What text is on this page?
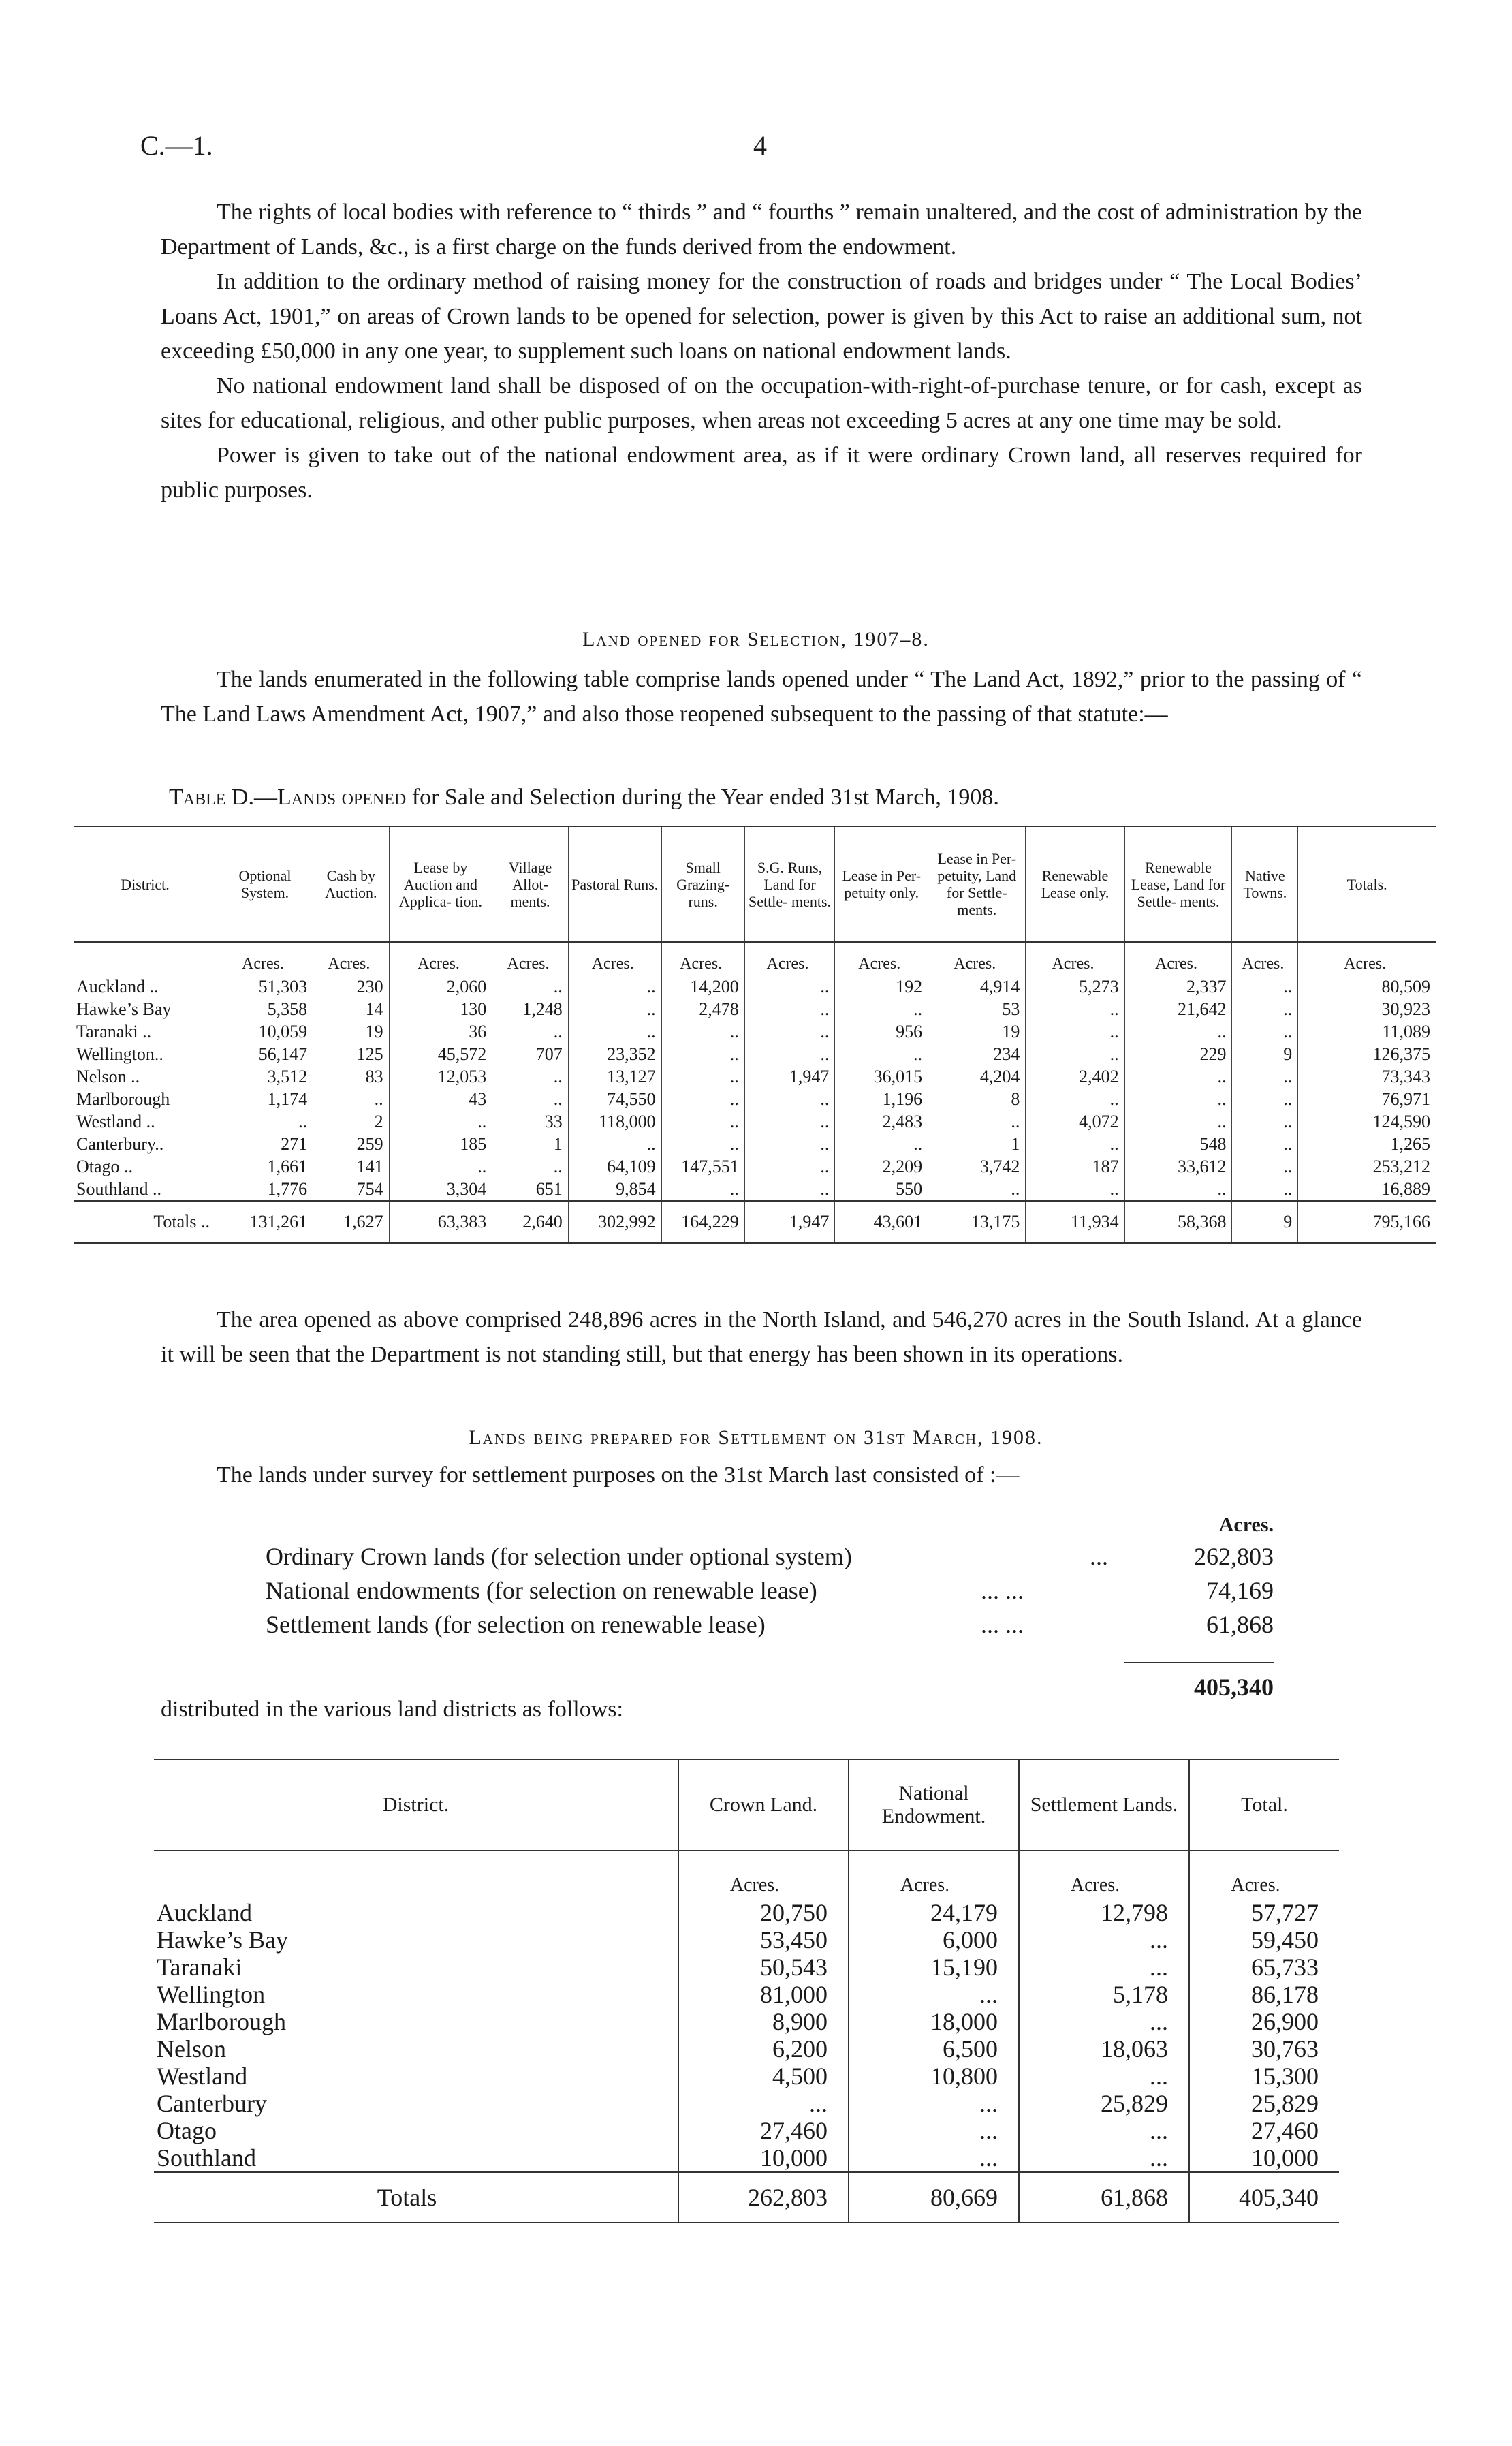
C.—1.	4

The rights of local bodies with reference to “ thirds ” and “ fourths ” remain unaltered, and the cost of administration by the Department of Lands, &c., is a first charge on the funds derived from the endowment.

In addition to the ordinary method of raising money for the construction of roads and bridges under “ The Local Bodies’ Loans Act, 1901,” on areas of Crown lands to be opened for selection, power is given by this Act to raise an additional sum, not exceeding £50,000 in any one year, to supplement such loans on national endowment lands.

No national endowment land shall be disposed of on the occupation-with-right-of-purchase tenure, or for cash, except as sites for educational, religious, and other public purposes, when areas not exceeding 5 acres at any one time may be sold.

Power is given to take out of the national endowment area, as if it were ordinary Crown land, all reserves required for public purposes.

Land opened for Selection, 1907–8.

The lands enumerated in the following table comprise lands opened under “ The Land Act, 1892,” prior to the passing of “ The Land Laws Amendment Act, 1907,” and also those reopened subsequent to the passing of that statute:—

Table D.—Lands opened for Sale and Selection during the Year ended 31st March, 1908.
District.	Optional System.	Cash by Auction.	Lease by Auction and Applica- tion.	Village Allot- ments.	Pastoral Runs.	Small Grazing- runs.	S.G. Runs, Land for Settle- ments.	Lease in Per- petuity only.	Lease in Per- petuity, Land for Settle- ments.	Renewable Lease only.	Renewable Lease, Land for Settle- ments.	Native Towns.	Totals.
	Acres.	Acres.	Acres.	Acres.	Acres.	Acres.	Acres.	Acres.	Acres.	Acres.	Acres.	Acres.	Acres.
Auckland ..	51,303	230	2,060	..	..	14,200	..	192	4,914	5,273	2,337	..	80,509
Hawke’s Bay	5,358	14	130	1,248	..	2,478	..	..	53	..	21,642	..	30,923
Taranaki ..	10,059	19	36	..	..	..	..	956	19	..	..	..	11,089
Wellington..	56,147	125	45,572	707	23,352	..	..	..	234	..	229	9	126,375
Nelson ..	3,512	83	12,053	..	13,127	..	1,947	36,015	4,204	2,402	..	..	73,343
Marlborough	1,174	..	43	..	74,550	..	..	1,196	8	..	..	..	76,971
Westland ..	..	2	..	33	118,000	..	..	2,483	..	4,072	..	..	124,590
Canterbury..	271	259	185	1	..	..	..	..	1	..	548	..	1,265
Otago ..	1,661	141	..	..	64,109	147,551	..	2,209	3,742	187	33,612	..	253,212
Southland ..	1,776	754	3,304	651	9,854	..	..	550	..	..	..	..	16,889
Totals ..	131,261	1,627	63,383	2,640	302,992	164,229	1,947	43,601	13,175	11,934	58,368	9	795,166

The area opened as above comprised 248,896 acres in the North Island, and 546,270 acres in the South Island. At a glance it will be seen that the Department is not standing still, but that energy has been shown in its operations.

Lands being prepared for Settlement on 31st March, 1908.

The lands under survey for settlement purposes on the 31st March last consisted of :—

Acres.
Ordinary Crown lands (for selection under optional system)	...	262,803
National endowments (for selection on renewable lease)	... ...	74,169
Settlement lands (for selection on renewable lease)	... ...	61,868
405,340
distributed in the various land districts as follows:
District.	Crown Land.	National Endowment.	Settlement Lands.	Total.
	Acres.	Acres.	Acres.	Acres.
Auckland	20,750	24,179	12,798	57,727
Hawke’s Bay	53,450	6,000	...	59,450
Taranaki	50,543	15,190	...	65,733
Wellington	81,000	...	5,178	86,178
Marlborough	8,900	18,000	...	26,900
Nelson	6,200	6,500	18,063	30,763
Westland	4,500	10,800	...	15,300
Canterbury	...	...	25,829	25,829
Otago	27,460	...	...	27,460
Southland	10,000	...	...	10,000
Totals	262,803	80,669	61,868	405,340
